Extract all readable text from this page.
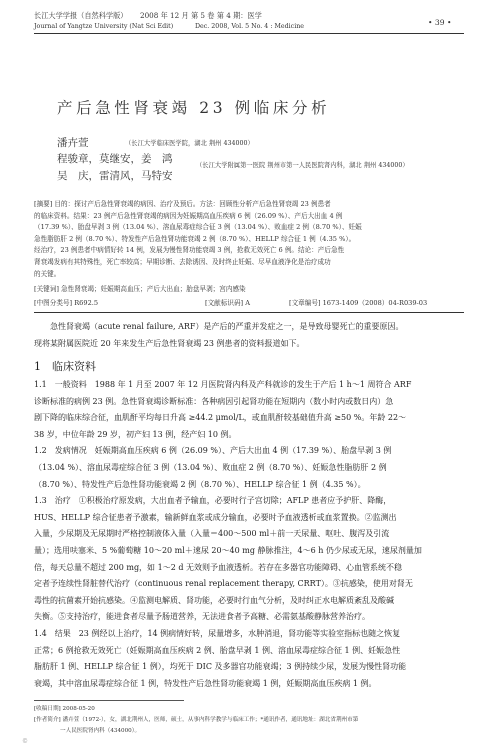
长江大学学报（自然科学版） 2008 年 12 月 第 5 卷 第 4 期：医学
Journal of Yangtze University (Nat Sci Edit)	Dec. 2008, Vol. 5 No. 4 : Medicine	• 39 •
产后急性肾衰竭 23 例临床分析
潘卉萱	（长江大学临床医学院，湖北 荆州 434000）
程骏章，莫继安，姜　鸿
吴　庆，雷清风，马特安
（长江大学附属第一医院 荆州市第一人民医院肾内科，湖北 荆州 434000）

[摘要] 目的：探讨产后急性肾衰竭的病因、治疗及预后。方法：回顾性分析产后急性肾衰竭 23 例患者

的临床资料。结果：23 例产后急性肾衰竭的病因为妊娠期高血压疾病 6 例（26.09 %）、产后大出血 4 例

（17.39 %）、胎盘早剥 3 例（13.04 %）、溶血尿毒症综合征 3 例（13.04 %）、败血症 2 例（8.70 %）、妊娠

急性脂肪肝 2 例（8.70 %）、特发性产后急性肾功能衰竭 2 例（8.70 %）、HELLP 综合征 1 例（4.35 %）。

经治疗，23 例患者中病情好转 14 例，发展为慢性肾功能衰竭 3 例，抢救无效死亡 6 例。结论：产后急性

肾衰竭发病有其特殊性，死亡率较高；早期诊断、去除诱因、及时终止妊娠、尽早血液净化是治疗成功

的关键。

[关键词] 急性肾衰竭；妊娠期高血压；产后大出血；胎盘早剥；宫内感染
[中图分类号] R692.5	[文献标识码] A	[文章编号] 1673-1409（2008）04-R039-03

急性肾衰竭（acute renal failure, ARF）是产后的严重并发症之一，是导致母婴死亡的重要原因。

现将某附属医院近 20 年来发生产后急性肾衰竭 23 例患者的资料报道如下。

1　临床资料

1.1　一般资料　1988 年 1 月至 2007 年 12 月医院肾内科及产科就诊的发生于产后 1 h～1 周符合 ARF

诊断标准的病例 23 例。急性肾衰竭诊断标准：各种病因引起肾功能在短期内（数小时内或数日内）急

剧下降的临床综合征，血肌酐平均每日升高 ≥44.2 μmol/L，或血肌酐较基础值升高 ≥50 %。年龄 22～

38 岁，中位年龄 29 岁，初产妇 13 例，经产妇 10 例。

1.2　发病情况　妊娠期高血压疾病 6 例（26.09 %）、产后大出血 4 例（17.39 %）、胎盘早剥 3 例

（13.04 %）、溶血尿毒症综合征 3 例（13.04 %）、败血症 2 例（8.70 %）、妊娠急性脂肪肝 2 例

（8.70 %）、特发性产后急性肾功能衰竭 2 例（8.70 %）、HELLP 综合征 1 例（4.35 %）。

1.3　治疗　①积极治疗原发病，大出血者予输血，必要时行子宫切除；AFLP 患者应予护肝、降酶，

HUS、HELLP 综合征患者予激素，输新鲜血浆或成分输血，必要时予血液透析或血浆置换。②监测出

入量，少尿期及无尿期时严格控制液体入量（入量＝400～500 ml＋前一天尿量、呕吐、腹泻及引流

量）；选用呋塞米、5 %葡萄糖 10～20 ml＋速尿 20～40 mg 静脉推注，4～6 h 仍少尿或无尿，速尿剂量加

倍，每天总量不超过 200 mg，如 1～2 d 无效则予血液透析。若存在多器官功能障碍、心血管系统不稳

定者予连续性肾脏替代治疗（continuous renal replacement therapy, CRRT）。③抗感染，使用对肾无

毒性的抗菌素开始抗感染。④监测电解质、肾功能，必要时行血气分析，及时纠正水电解质紊乱及酸碱

失衡。⑤支持治疗，能进食者尽量予肠道营养，无法进食者予高糖、必需氨基酸静脉营养治疗。

1.4　结果　23 例经以上治疗，14 例病情好转，尿量增多，水肿消退，肾功能等实验室指标也随之恢复

正常；6 例抢救无效死亡（妊娠期高血压疾病 2 例、胎盘早剥 1 例、溶血尿毒症综合征 1 例、妊娠急性

脂肪肝 1 例、HELLP 综合征 1 例），均死于 DIC 及多器官功能衰竭；3 例持续少尿，发展为慢性肾功能

衰竭，其中溶血尿毒症综合征 1 例，特发性产后急性肾功能衰竭 1 例，妊娠期高血压疾病 1 例。

[收稿日期] 2008-05-20
[作者简介] 潘卉萱（1972-），女，湖北荆州人，医师，硕士，从事内科学教学与临床工作；*通讯作者，通讯地址：湖北省荆州市第
一人民医院肾内科（434000）。
©
